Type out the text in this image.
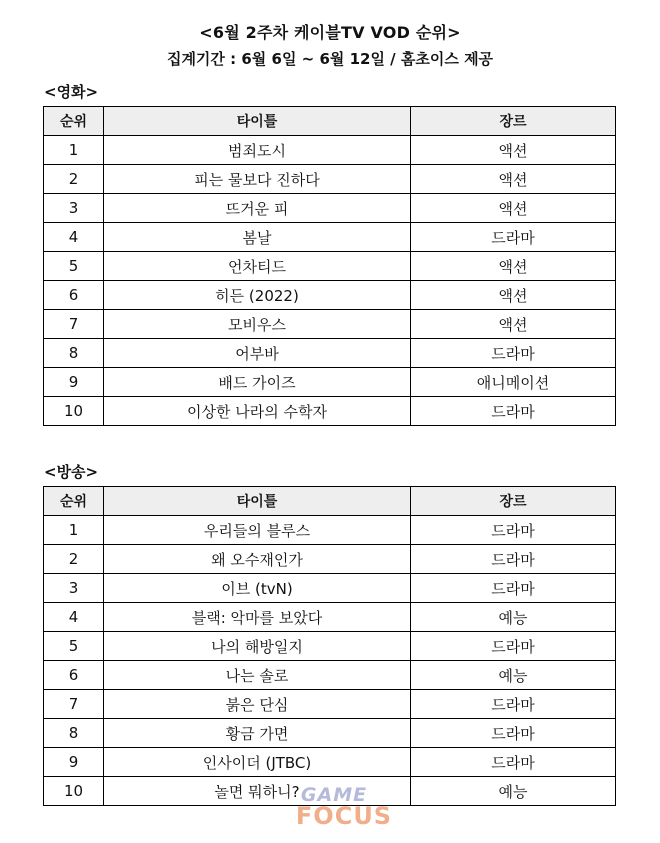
<6월 2주차 케이블TV VOD 순위>
집계기간 : 6월 6일 ~ 6월 12일 / 홈초이스 제공
<영화>
순위	타이틀	장르
1	범죄도시	액션
2	피는 물보다 진하다	액션
3	뜨거운 피	액션
4	봄날	드라마
5	언차티드	액션
6	히든 (2022)	액션
7	모비우스	액션
8	어부바	드라마
9	배드 가이즈	애니메이션
10	이상한 나라의 수학자	드라마
<방송>
순위	타이틀	장르
1	우리들의 블루스	드라마
2	왜 오수재인가	드라마
3	이브 (tvN)	드라마
4	블랙: 악마를 보았다	예능
5	나의 해방일지	드라마
6	나는 솔로	예능
7	붉은 단심	드라마
8	황금 가면	드라마
9	인사이더 (JTBC)	드라마
10	놀면 뭐하니?	예능
GAME
FOCUS
